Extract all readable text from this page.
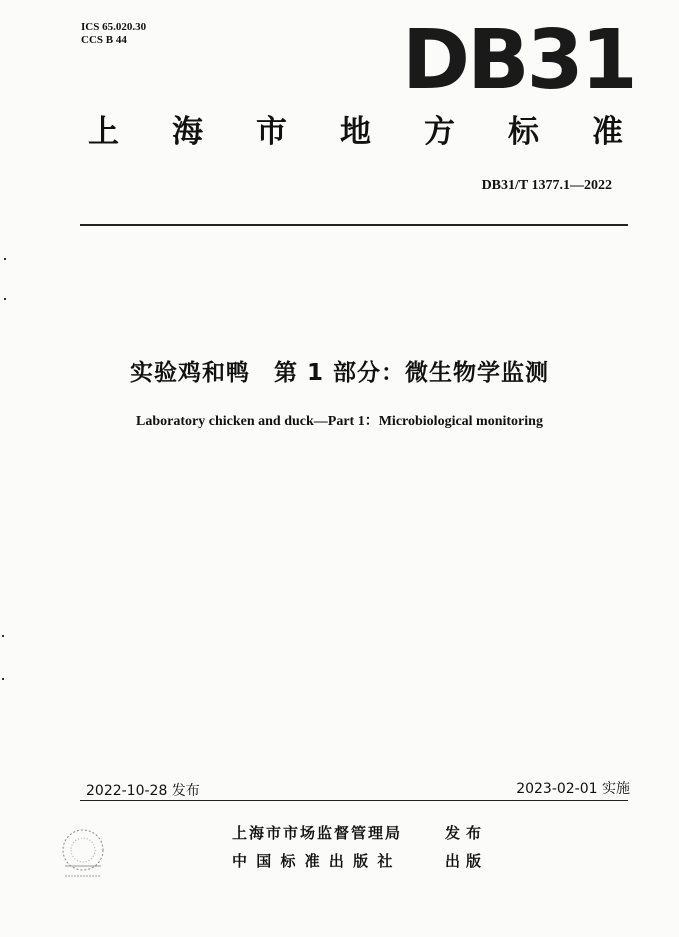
ICS 65.020.30
CCS B 44	DB31
上 海 市 地 方 标 准
DB31/T 1377.1—2022
实验鸡和鸭　第 1 部分：微生物学监测
Laboratory chicken and duck—Part 1：Microbiological monitoring
2022-10-28 发布	2023-02-01 实施
上海市市场监督管理局	发布
中 国 标 准 出 版 社	出版
